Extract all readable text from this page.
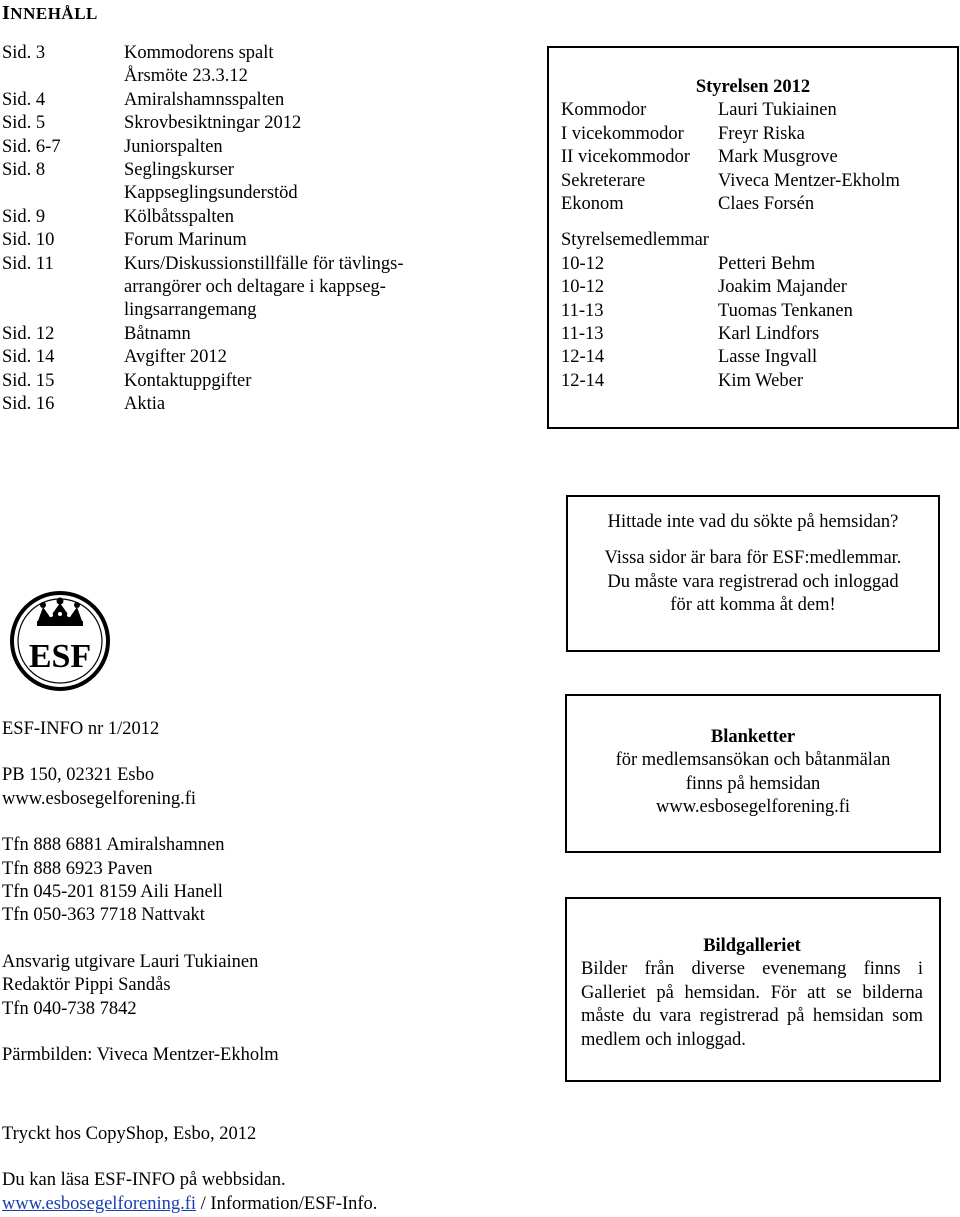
INNEHÅLL
Sid. 3	Kommodorens spalt
Årsmöte 23.3.12
Sid. 4	Amiralshamnsspalten
Sid. 5	Skrovbesiktningar 2012
Sid. 6-7	Juniorspalten
Sid. 8	Seglingskurser
Kappseglingsunderstöd
Sid. 9	Kölbåtsspalten
Sid. 10	Forum Marinum
Sid. 11	Kurs/Diskussionstillfälle för tävlings-
arrangörer och deltagare i kappseg-
lingsarrangemang
Sid. 12	Båtnamn
Sid. 14	Avgifter 2012
Sid. 15	Kontaktuppgifter
Sid. 16	Aktia
Styrelsen 2012
Kommodor	Lauri Tukiainen
I vicekommodor	Freyr Riska
II vicekommodor	Mark Musgrove
Sekreterare	Viveca Mentzer-Ekholm
Ekonom	Claes Forsén
Styrelsemedlemmar
10-12	Petteri Behm
10-12	Joakim Majander
11-13	Tuomas Tenkanen
11-13	Karl Lindfors
12-14	Lasse Ingvall
12-14	Kim Weber
Hittade inte vad du sökte på hemsidan?
Vissa sidor är bara för ESF:medlemmar.
Du måste vara registrerad och inloggad
för att komma åt dem!
ESF
ESF-INFO nr 1/2012
PB 150, 02321 Esbo
www.esbosegelforening.fi
Tfn 888 6881 Amiralshamnen
Tfn 888 6923 Paven
Tfn 045-201 8159 Aili Hanell
Tfn 050-363 7718 Nattvakt
Ansvarig utgivare Lauri Tukiainen
Redaktör Pippi Sandås
Tfn 040-738 7842
Pärmbilden: Viveca Mentzer-Ekholm
Blanketter
för medlemsansökan och båtanmälan
finns på hemsidan
www.esbosegelforening.fi
Bildgalleriet
Bilder från diverse evenemang finns i Galleriet på hemsidan. För att se bilderna måste du vara registrerad på hemsidan som medlem och inloggad.
Tryckt hos CopyShop, Esbo, 2012
Du kan läsa ESF-INFO på webbsidan.
www.esbosegelforening.fi / Information/ESF-Info.
